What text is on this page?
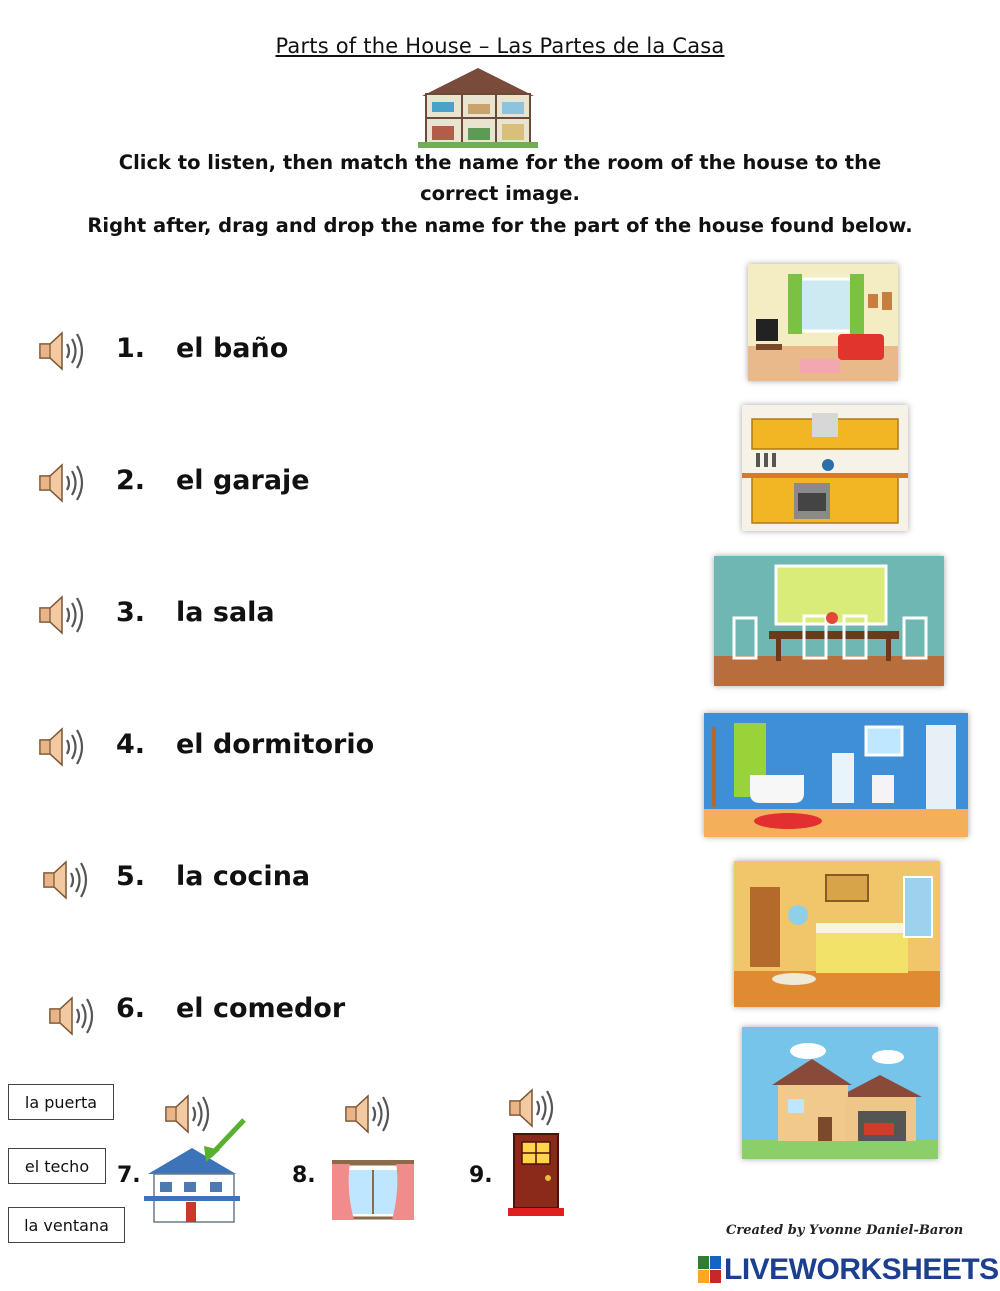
Parts of the House – Las Partes de la Casa
Click to listen, then match the name for the room of the house to the
correct image.
Right after, drag and drop the name for the part of the house found below.
1. el baño
2. el garaje
3. la sala
4. el dormitorio
5. la cocina
6. el comedor
la puerta
el techo
la ventana
7.	8.	9.
Created by Yvonne Daniel-Baron
LIVEWORKSHEETS
